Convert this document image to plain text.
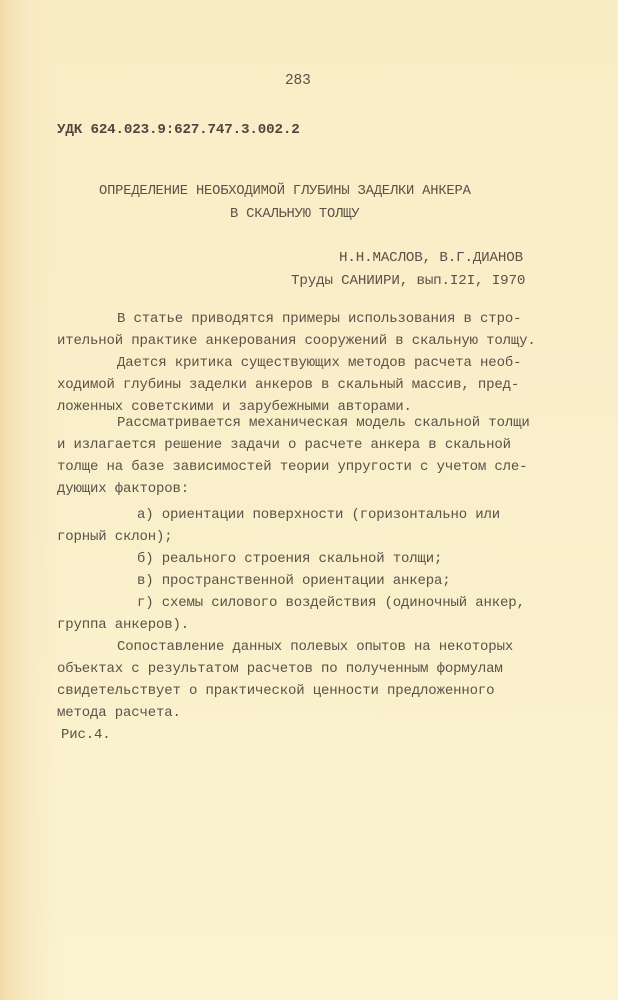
283
УДК 624.023.9:627.747.3.002.2
ОПРЕДЕЛЕНИЕ НЕОБХОДИМОЙ ГЛУБИНЫ ЗАДЕЛКИ АНКЕРА
В СКАЛЬНУЮ ТОЛЩУ
Н.Н.МАСЛОВ, В.Г.ДИАНОВ
Труды САНИИРИ, вып.I2I, I970
В статье приводятся примеры использования в стро-
ительной практике анкерования сооружений в скальную толщу.
Дается критика существующих методов расчета необ-
ходимой глубины заделки анкеров в скальный массив, пред-
ложенных советскими и зарубежными авторами.
Рассматривается механическая модель скальной толщи
и излагается решение задачи о расчете анкера в скальной
толще на базе зависимостей теории упругости с учетом сле-
дующих факторов:
а) ориентации поверхности (горизонтально или
горный склон);
б) реального строения скальной толщи;
в) пространственной ориентации анкера;
г) схемы силового воздействия (одиночный анкер,
группа анкеров).
Сопоставление данных полевых опытов на некоторых
объектах с результатом расчетов по полученным формулам
свидетельствует о практической ценности предложенного
метода расчета.
Рис.4.
